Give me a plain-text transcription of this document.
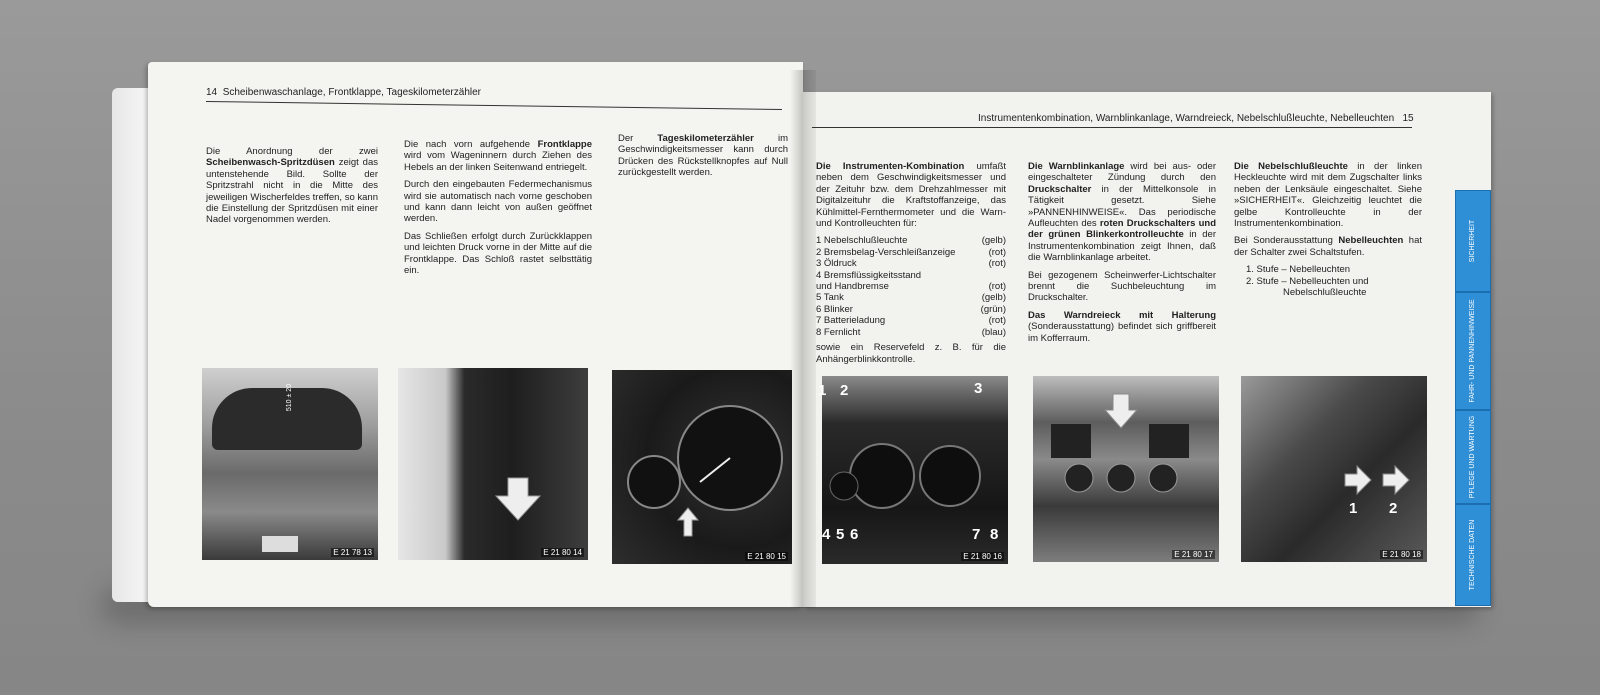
14 Scheibenwaschanlage, Frontklappe, Tageskilometerzähler

Die Anordnung der zwei Scheibenwasch-Spritzdüsen zeigt das untenstehende Bild. Sollte der Spritzstrahl nicht in die Mitte des jeweiligen Wischerfeldes treffen, so kann die Einstellung der Spritzdüsen mit einer Nadel vorgenommen werden.

Die nach vorn aufgehende Frontklappe wird vom Wageninnern durch Ziehen des Hebels an der linken Seitenwand entriegelt.

Durch den eingebauten Federmechanismus wird sie automatisch nach vorne geschoben und kann dann leicht von außen geöffnet werden.

Das Schließen erfolgt durch Zurückklappen und leichten Druck vorne in der Mitte auf die Frontklappe. Das Schloß rastet selbsttätig ein.

Der Tageskilometerzähler im Geschwindigkeitsmesser kann durch Drücken des Rückstellknopfes auf Null zurückgestellt werden.

510 ± 20
E 21 78 13	E 21 80 14	E 21 80 15
Instrumentenkombination, Warnblinkanlage, Warndreieck, Nebelschlußleuchte, Nebelleuchten 15

Die Instrumenten-Kombination umfaßt neben dem Geschwindigkeitsmesser und der Zeituhr bzw. dem Drehzahlmesser mit Digitalzeituhr die Kraftstoffanzeige, das Kühlmittel-Fernthermometer und die Warn- und Kontrolleuchten für:

1 Nebelschlußleuchte	(gelb)
2 Bremsbelag-Verschleißanzeige	(rot)
3 Öldruck	(rot)
4 Bremsflüssigkeitsstand
und Handbremse	(rot)
5 Tank	(gelb)
6 Blinker	(grün)
7 Batterieladung	(rot)
8 Fernlicht	(blau)

sowie ein Reservefeld z. B. für die Anhängerblinkkontrolle.

Die Warnblinkanlage wird bei aus- oder eingeschalteter Zündung durch den Druckschalter in der Mittelkonsole in Tätigkeit gesetzt. Siehe »PANNENHINWEISE«. Das periodische Aufleuchten des roten Druckschalters und der grünen Blinkerkontrolleuchte in der Instrumentenkombination zeigt Ihnen, daß die Warnblinkanlage arbeitet.

Bei gezogenem Scheinwerfer-Lichtschalter brennt die Suchbeleuchtung im Druckschalter.

Das Warndreieck mit Halterung (Sonderausstattung) befindet sich griffbereit im Kofferraum.

Die Nebelschlußleuchte in der linken Heckleuchte wird mit dem Zugschalter links neben der Lenksäule eingeschaltet. Siehe »SICHERHEIT«. Gleichzeitig leuchtet die gelbe Kontrolleuchte in der Instrumentenkombination.

Bei Sonderausstattung Nebelleuchten hat der Schalter zwei Schaltstufen.

1. Stufe – Nebelleuchten
2. Stufe – Nebelleuchten und
Nebelschlußleuchte
1 2	3
4 5 6	7 8
E 21 80 16	E 21 80 17
1 2
E 21 80 18
SICHERHEIT
FAHR- UND PANNENHINWEISE
PFLEGE UND WARTUNG
TECHNISCHE DATEN
